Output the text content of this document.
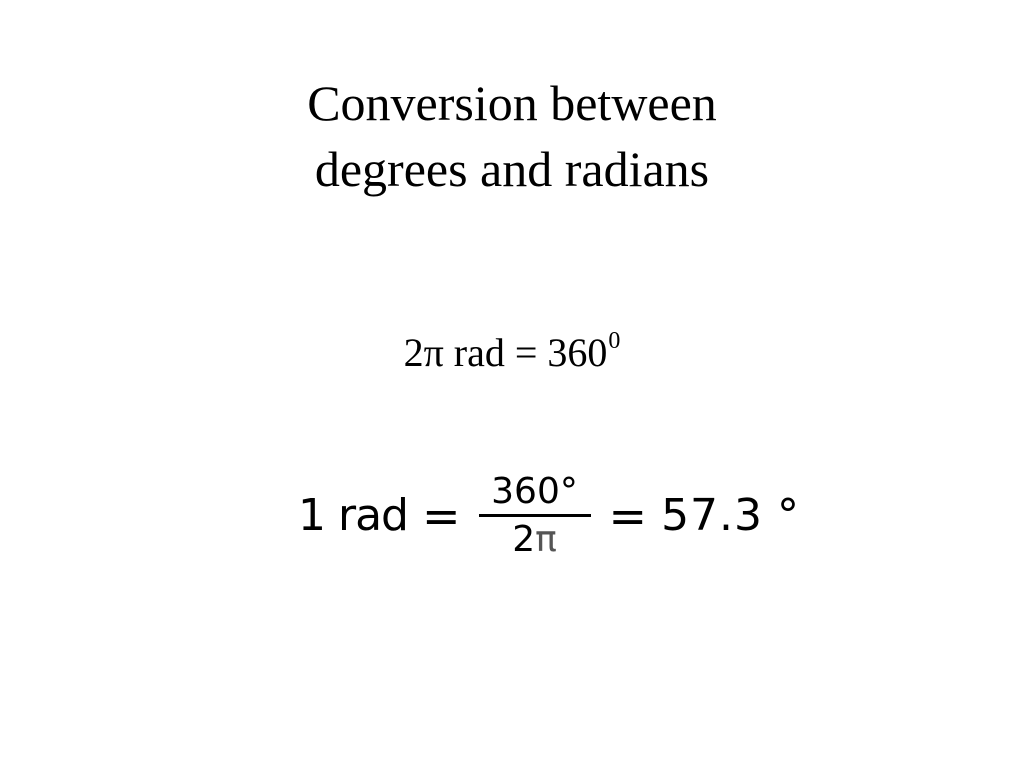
Conversion between
degrees and radians
2π rad = $360^0$
1 rad = $\frac{360^\circ}{2\pi} = 57.3$ °
